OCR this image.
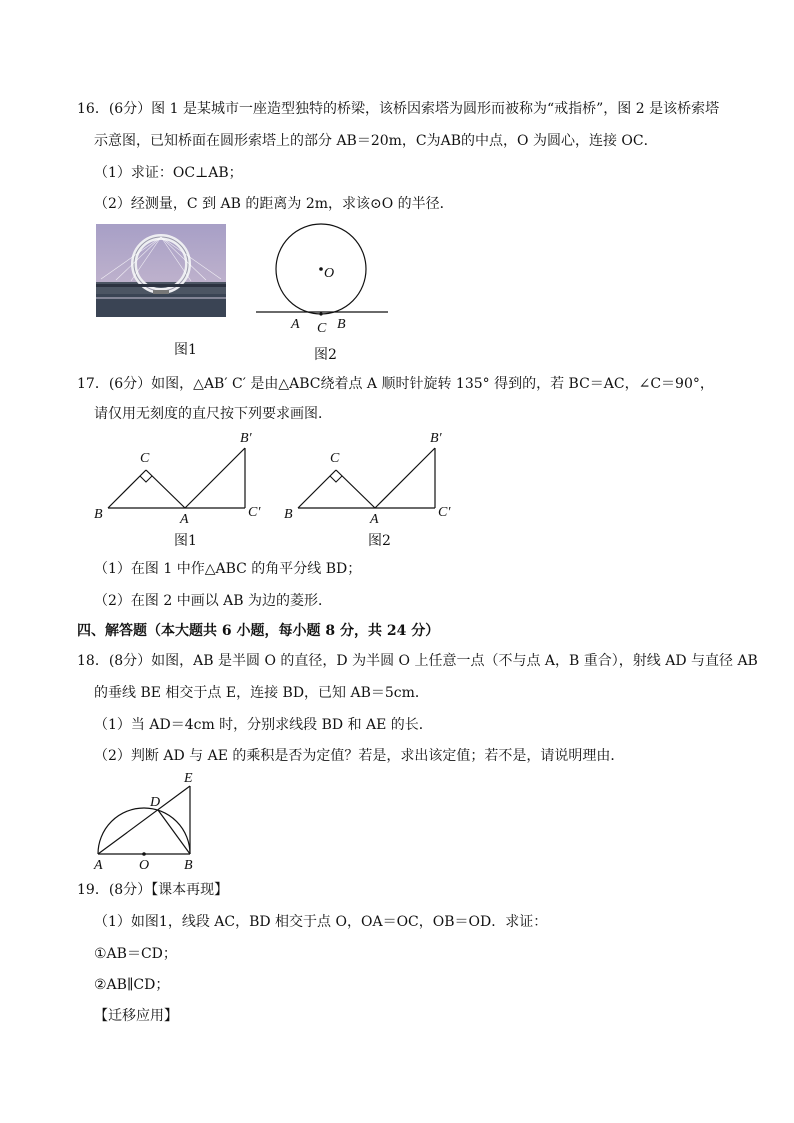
16．(6分）图 1 是某城市一座造型独特的桥梁，该桥因索塔为圆形而被称为“戒指桥”，图 2 是该桥索塔
示意图，已知桥面在圆形索塔上的部分 AB＝20m，C为AB的中点，O 为圆心，连接 OC．
（1）求证：OC⊥AB；
（2）经测量，C 到 AB 的距离为 2m，求该⊙O 的半径．
图1
O
A C B
图2
17．(6分）如图，△AB′ C′ 是由△ABC绕着点 A 顺时针旋转 135° 得到的，若 BC＝AC，∠C＝90°，
请仅用无刻度的直尺按下列要求画图．
C
B	A
B′
C′
图1
C
B	A
B′
C′
图2
（1）在图 1 中作△ABC 的角平分线 BD；
（2）在图 2 中画以 AB 为边的菱形．
四、解答题（本大题共 6 小题，每小题 8 分，共 24 分）
18．(8分）如图，AB 是半圆 O 的直径，D 为半圆 O 上任意一点（不与点 A，B 重合），射线 AD 与直径 AB
的垂线 BE 相交于点 E，连接 BD，已知 AB＝5cm．
（1）当 AD＝4cm 时，分别求线段 BD 和 AE 的长．
（2）判断 AD 与 AE 的乘积是否为定值？若是，求出该定值；若不是，请说明理由．
E
D
A	O B
19．(8分）【课本再现】
（1）如图1，线段 AC，BD 相交于点 O，OA＝OC，OB＝OD．求证：
①AB＝CD；
②AB∥CD；
【迁移应用】
